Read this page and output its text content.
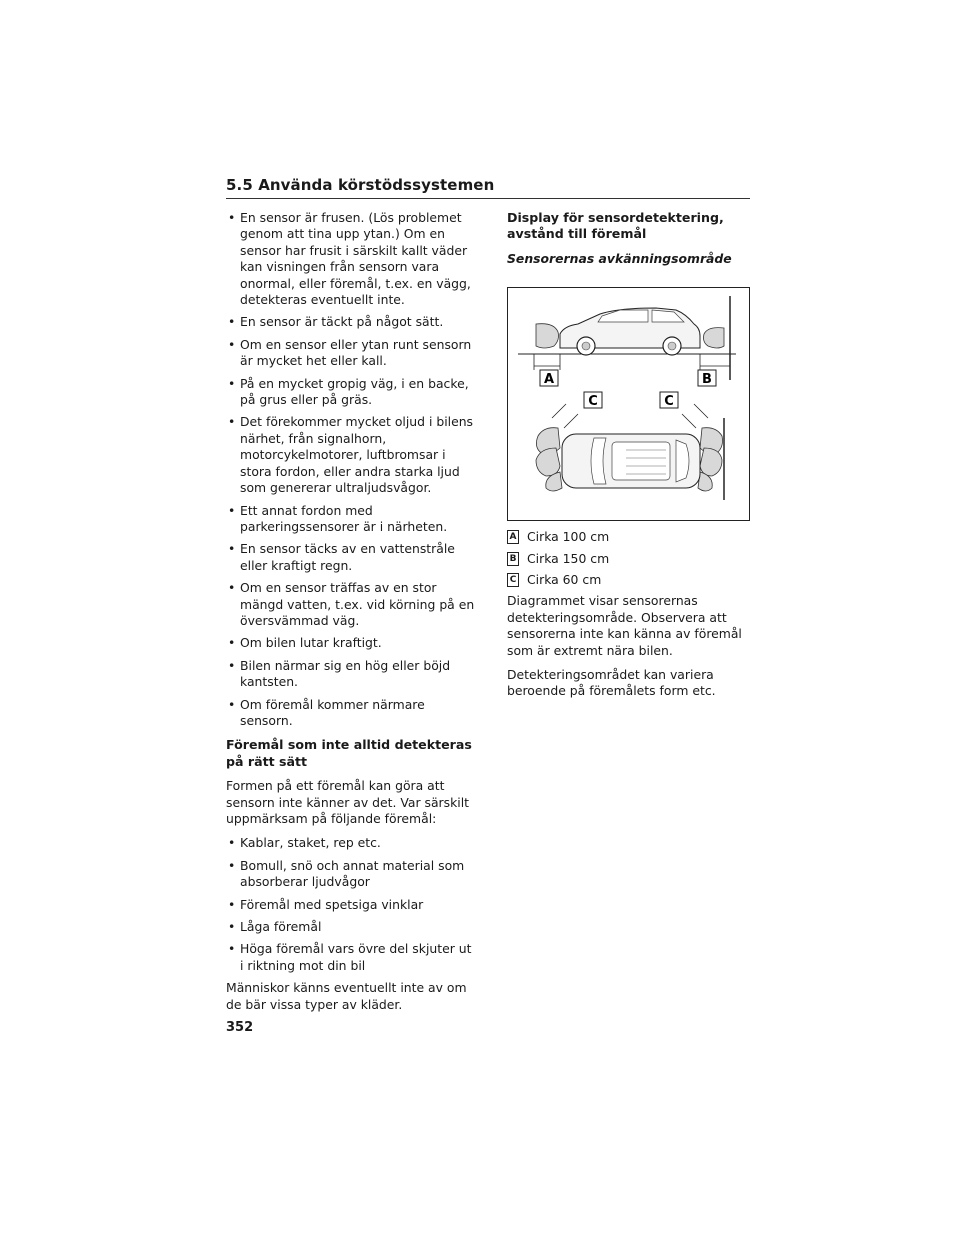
5.5 Använda körstödssystemen
• En sensor är frusen. (Lös problemet genom att tina upp ytan.) Om en sensor har frusit i särskilt kallt väder kan visningen från sensorn vara onormal, eller föremål, t.ex. en vägg, detekteras eventuellt inte.
• En sensor är täckt på något sätt.
• Om en sensor eller ytan runt sensorn är mycket het eller kall.
• På en mycket gropig väg, i en backe, på grus eller på gräs.
• Det förekommer mycket oljud i bilens närhet, från signalhorn, motorcykelmotorer, luftbromsar i stora fordon, eller andra starka ljud som genererar ultraljudsvågor.
• Ett annat fordon med parkeringssensorer är i närheten.
• En sensor täcks av en vattenstråle eller kraftigt regn.
• Om en sensor träffas av en stor mängd vatten, t.ex. vid körning på en översvämmad väg.
• Om bilen lutar kraftigt.
• Bilen närmar sig en hög eller böjd kantsten.
• Om föremål kommer närmare sensorn.
Föremål som inte alltid detekteras på rätt sätt

Formen på ett föremål kan göra att sensorn inte känner av det. Var särskilt uppmärksam på följande föremål:

• Kablar, staket, rep etc.
• Bomull, snö och annat material som absorberar ljudvågor
• Föremål med spetsiga vinklar
• Låga föremål
• Höga föremål vars övre del skjuter ut i riktning mot din bil

Människor känns eventuellt inte av om de bär vissa typer av kläder.

Display för sensordetektering, avstånd till föremål
Sensorernas avkänningsområde
A	B
C	C
A Cirka 100 cm
B Cirka 150 cm
C Cirka 60 cm

Diagrammet visar sensorernas detekteringsområde. Observera att sensorerna inte kan känna av föremål som är extremt nära bilen.

Detekteringsområdet kan variera beroende på föremålets form etc.

352
